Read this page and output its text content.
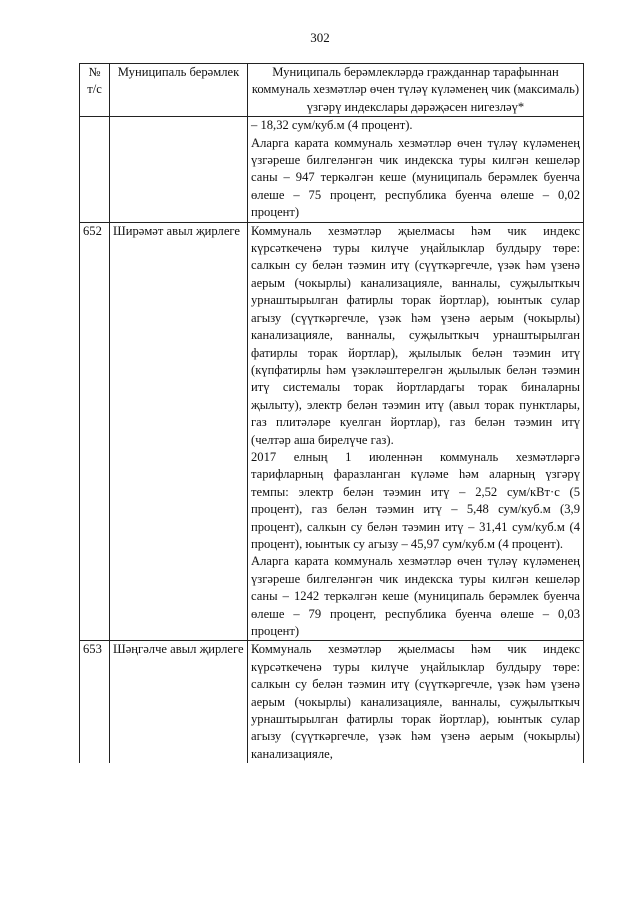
302
№ т/с	Муниципаль берәмлек	Муниципаль берәмлекләрдә гражданнар тарафыннан коммуналь хезмәтләр өчен түләү күләменең чик (максималь) үзгәрү индекслары дәрәҗәсен нигезләү*

		– 18,32 сум/куб.м (4 процент).

Аларга карата коммуналь хезмәтләр өчен түләү күләменең үзгәреше билгеләнгән чик индекска туры килгән кешеләр саны – 947 теркәлгән кеше (муниципаль берәмлек буенча өлеше – 75 процент, республика буенча өлеше – 0,02 процент)

652	Шиpәмәт авыл җирлеге	Коммуналь хезмәтләр җыелмасы һәм чик индекс күрсәткеченә туры килүче уңайлыклар булдыру төре: салкын су белән тәэмин итү (сүүткәргечле, үзәк һәм үзенә аерым (чокырлы) канализацияле, ванналы, суҗылыткыч урнаштырылган фатирлы торак йортлар), юынтык сулар агызу (сүүткәргечле, үзәк һәм үзенә аерым (чокырлы) канализацияле, ванналы, суҗылыткыч урнаштырылган фатирлы торак йортлар), җылылык белән тәэмин итү (күпфатирлы һәм үзәкләштерелгән җылылык белән тәэмин итү системалы торак йортлардагы торак биналарны җылыту), электр белән тәэмин итү (авыл торак пунктлары, газ плитәләре куелган йортлар), газ белән тәэмин итү (челтәр аша бирелүче газ).

2017 елның 1 июленнән коммуналь хезмәтләргә тарифларның фаразланган күләме һәм аларның үзгәрү темпы: электр белән тәэмин итү – 2,52 сум/кВт·с (5 процент), газ белән тәэмин итү – 5,48 сум/куб.м (3,9 процент), салкын су белән тәэмин итү – 31,41 сум/куб.м (4 процент), юынтык су агызу – 45,97 сум/куб.м (4 процент).

Аларга карата коммуналь хезмәтләр өчен түләү күләменең үзгәреше билгеләнгән чик индекска туры килгән кешеләр саны – 1242 теркәлгән кеше (муниципаль берәмлек буенча өлеше – 79 процент, республика буенча өлеше – 0,03 процент)

653	Шәңгәлче авыл җирлеге	Коммуналь хезмәтләр җыелмасы һәм чик индекс күрсәткеченә туры килүче уңайлыклар булдыру төре: салкын су белән тәэмин итү (сүүткәргечле, үзәк һәм үзенә аерым (чокырлы) канализацияле, ванналы, суҗылыткыч урнаштырылган фатирлы торак йортлар), юынтык сулар агызу (сүүткәргечле, үзәк һәм үзенә аерым (чокырлы) канализацияле,
